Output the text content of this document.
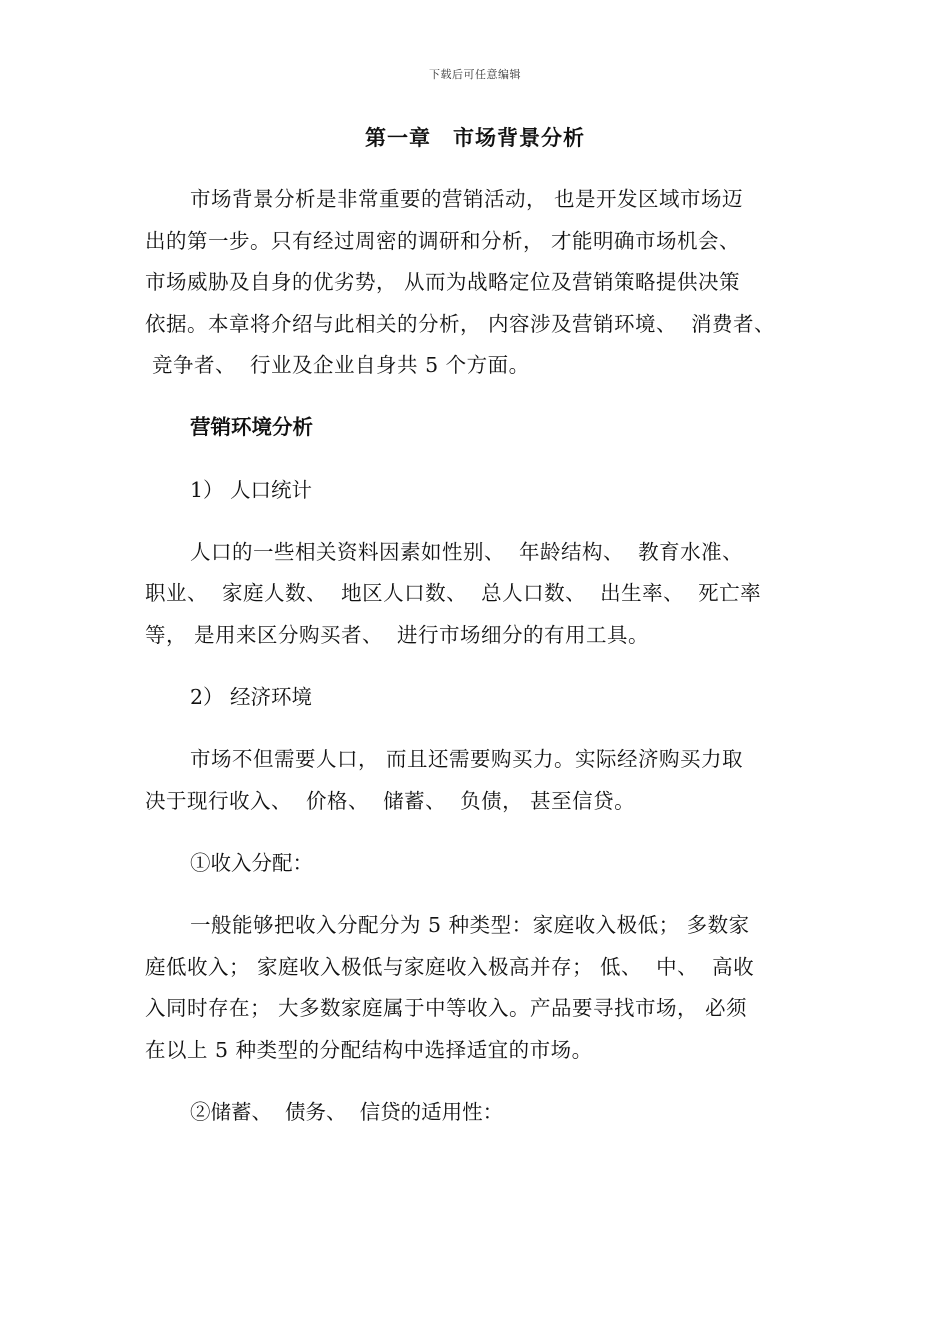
下载后可任意编辑
第一章　市场背景分析
市场背景分析是非常重要的营销活动， 也是开发区域市场迈
出的第一步。只有经过周密的调研和分析， 才能明确市场机会、
市场威胁及自身的优劣势， 从而为战略定位及营销策略提供决策
依据。本章将介绍与此相关的分析， 内容涉及营销环境、  消费者、
竞争者、  行业及企业自身共 5 个方面。
营销环境分析
1） 人口统计
人口的一些相关资料因素如性别、  年龄结构、  教育水准、
职业、  家庭人数、  地区人口数、  总人口数、  出生率、  死亡率
等， 是用来区分购买者、  进行市场细分的有用工具。
2） 经济环境
市场不但需要人口， 而且还需要购买力。实际经济购买力取
决于现行收入、  价格、  储蓄、  负债， 甚至信贷。
①收入分配：
一般能够把收入分配分为 5 种类型：家庭收入极低； 多数家
庭低收入； 家庭收入极低与家庭收入极高并存； 低、  中、  高收
入同时存在； 大多数家庭属于中等收入。产品要寻找市场， 必须
在以上 5 种类型的分配结构中选择适宜的市场。
②储蓄、  债务、  信贷的适用性：
